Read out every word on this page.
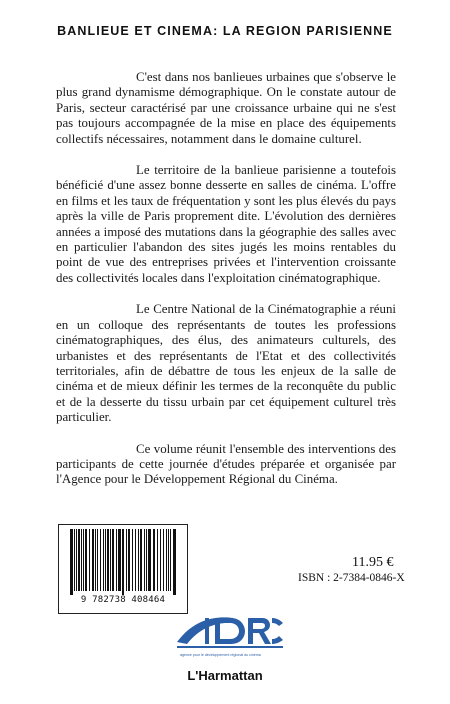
BANLIEUE ET CINEMA: LA REGION PARISIENNE

C'est dans nos banlieues urbaines que s'observe le plus grand dynamisme démographique. On le constate autour de Paris, secteur caractérisé par une croissance urbaine qui ne s'est pas toujours accompagnée de la mise en place des équipements collectifs nécessaires, notamment dans le domaine culturel.

Le territoire de la banlieue parisienne a toutefois bénéficié d'une assez bonne desserte en salles de cinéma. L'offre en films et les taux de fréquentation y sont les plus élevés du pays après la ville de Paris proprement dite. L'évolution des dernières années a imposé des mutations dans la géographie des salles avec en particulier l'abandon des sites jugés les moins rentables du point de vue des entreprises privées et l'intervention croissante des collectivités locales dans l'exploitation cinématographique.

Le Centre National de la Cinématographie a réuni en un colloque des représentants de toutes les professions cinématographiques, des élus, des animateurs culturels, des urbanistes et des représentants de l'Etat et des collectivités territoriales, afin de débattre de tous les enjeux de la salle de cinéma et de mieux définir les termes de la reconquête du public et de la desserte du tissu urbain par cet équipement culturel très particulier.

Ce volume réunit l'ensemble des interventions des participants de cette journée d'études préparée et organisée par l'Agence pour le Développement Régional du Cinéma.

9 782738 408464
11.95 €
ISBN : 2-7384-0846-X
agence pour le développement régional du cinéma
L'Harmattan
